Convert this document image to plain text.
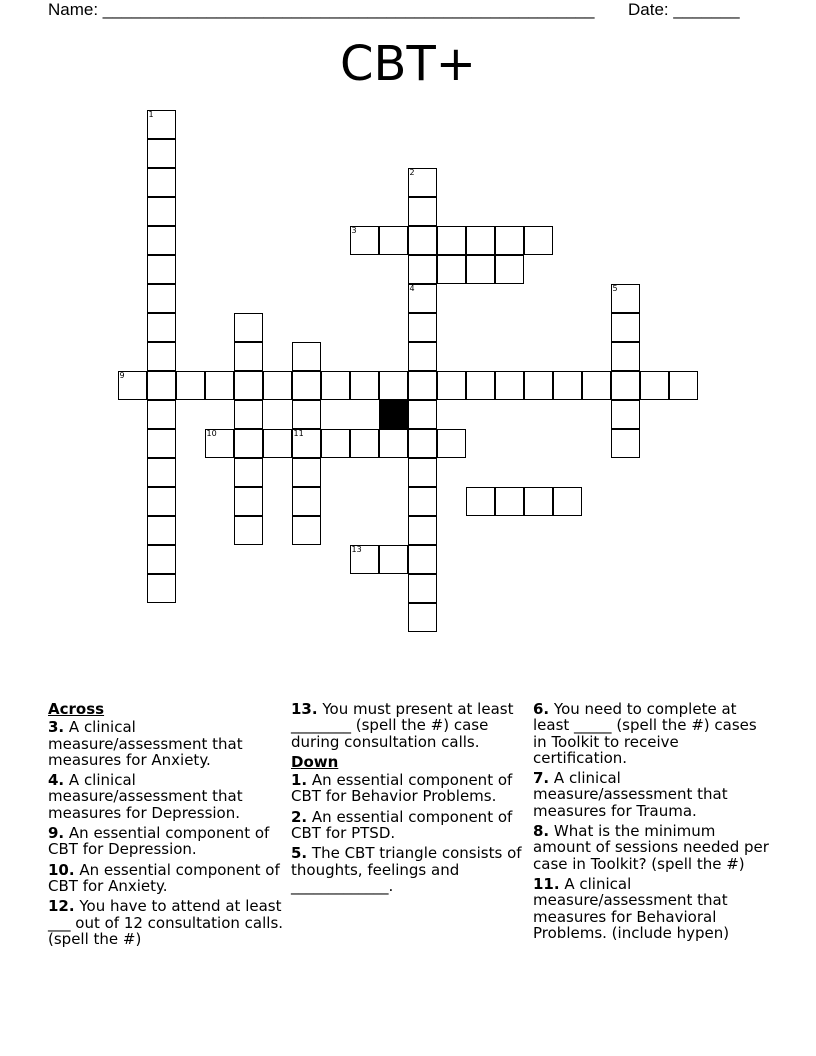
Name: ____________________________________________________ Date: _______
CBT+
1
2
4
3
5
11
9
10
13
Across
3. A clinical measure/assessment that measures for Anxiety.
4. A clinical measure/assessment that measures for Depression.
9. An essential component of CBT for Depression.
10. An essential component of CBT for Anxiety.
12. You have to attend at least ___ out of 12 consultation calls. (spell the #)
13. You must present at least ________ (spell the #) case during consultation calls.
Down
1. An essential component of CBT for Behavior Problems.
2. An essential component of CBT for PTSD.
5. The CBT triangle consists of thoughts, feelings and _____________.
6. You need to complete at least _____ (spell the #) cases in Toolkit to receive certification.
7. A clinical measure/assessment that measures for Trauma.
8. What is the minimum amount of sessions needed per case in Toolkit? (spell the #)
11. A clinical measure/assessment that measures for Behavioral Problems. (include hypen)
